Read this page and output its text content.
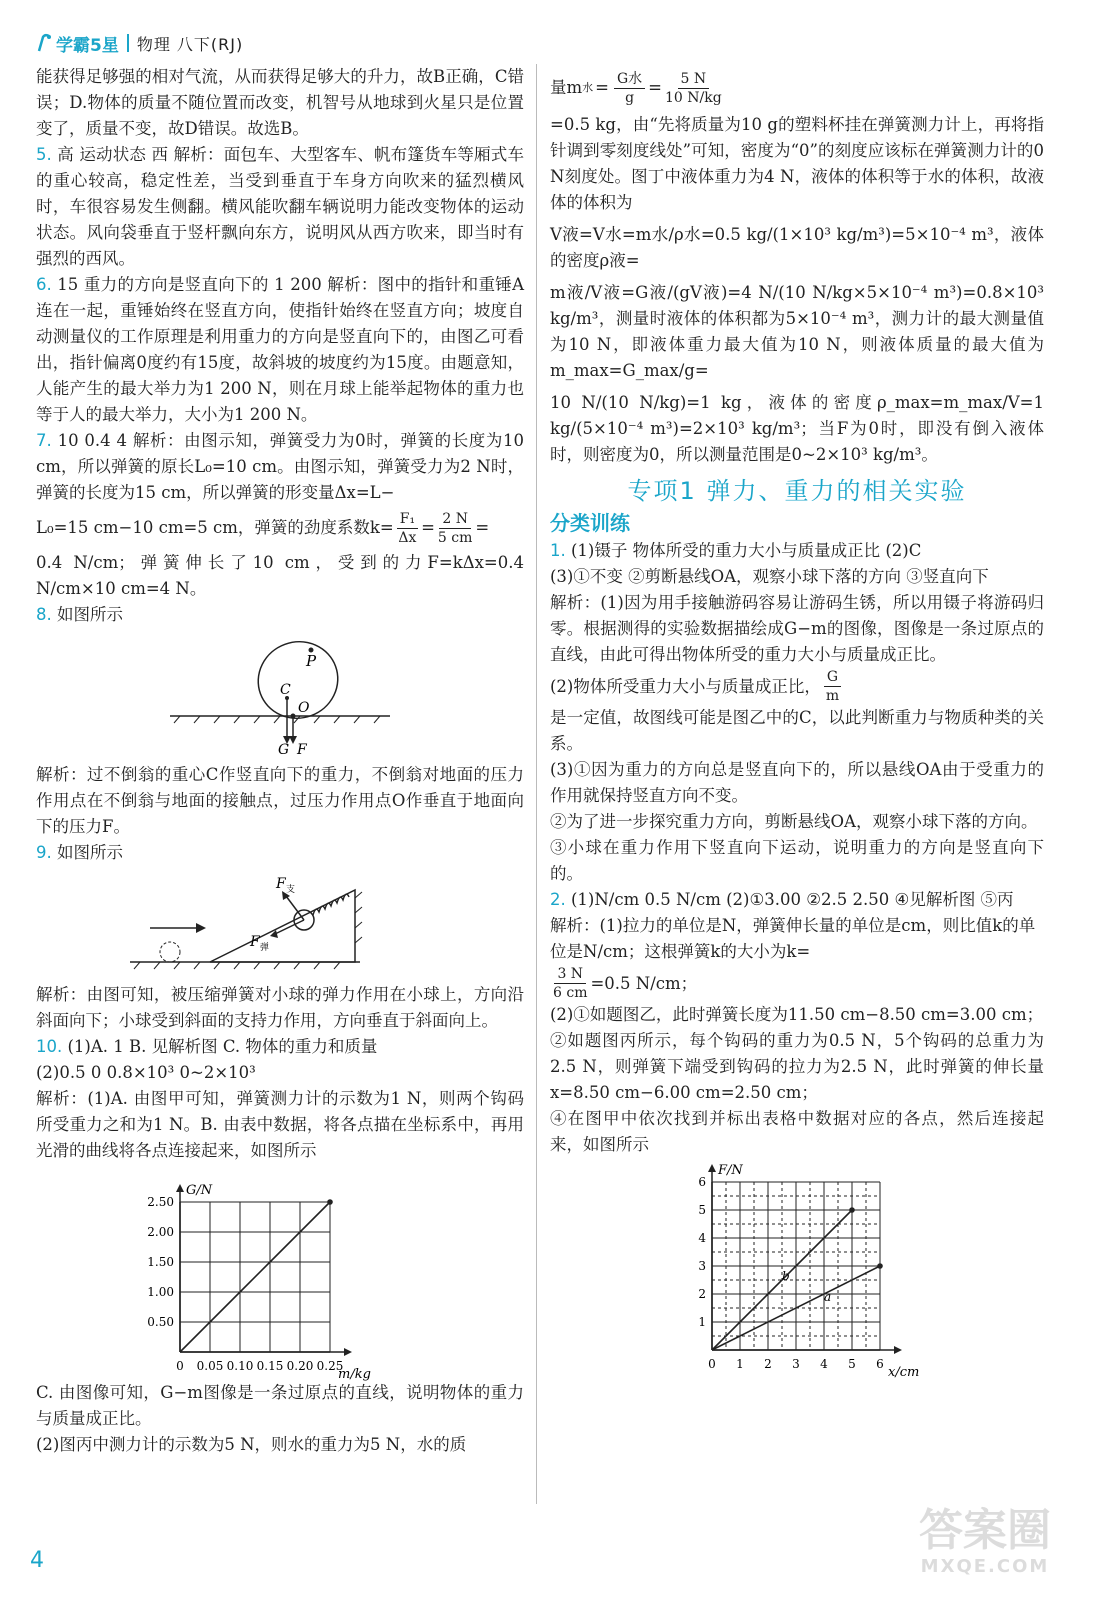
学霸5星 物理 八下(RJ)

能获得足够强的相对气流，从而获得足够大的升力，故B正确，C错误；D.物体的质量不随位置而改变，机智号从地球到火星只是位置变了，质量不变，故D错误。故选B。

5. 高 运动状态 西 解析：面包车、大型客车、帆布篷货车等厢式车的重心较高，稳定性差，当受到垂直于车身方向吹来的猛烈横风时，车很容易发生侧翻。横风能吹翻车辆说明力能改变物体的运动状态。风向袋垂直于竖杆飘向东方，说明风从西方吹来，即当时有强烈的西风。

6. 15 重力的方向是竖直向下的 1 200 解析：图中的指针和重锤A连在一起，重锤始终在竖直方向，使指针始终在竖直方向；坡度自动测量仪的工作原理是利用重力的方向是竖直向下的，由图乙可看出，指针偏离0度约有15度，故斜坡的坡度约为15度。由题意知，人能产生的最大举力为1 200 N，则在月球上能举起物体的重力也等于人的最大举力，大小为1 200 N。

7. 10 0.4 4 解析：由图示知，弹簧受力为0时，弹簧的长度为10 cm，所以弹簧的原长L₀=10 cm。由图示知，弹簧受力为2 N时，弹簧的长度为15 cm，所以弹簧的形变量Δx=L−

L₀=15 cm−10 cm=5 cm，弹簧的劲度系数$k= \frac{\text{F₁}}{\Delta x} = \frac{2 N}{5 cm}$ =

0.4 N/cm；弹簧伸长了10 cm，受到的力F=kΔx=0.4 N/cm×10 cm=4 N。

8. 如图所示

P
C
O
G F

解析：过不倒翁的重心C作竖直向下的重力，不倒翁对地面的压力作用点在不倒翁与地面的接触点，过压力作用点O作垂直于地面向下的压力F。

9. 如图所示

F 支
F 弹

解析：由图可知，被压缩弹簧对小球的弹力作用在小球上，方向沿斜面向下；小球受到斜面的支持力作用，方向垂直于斜面向上。

10. (1)A. 1 B. 见解析图 C. 物体的重力和质量

(2)0.5 0 0.8×10³ 0~2×10³

解析：(1)A. 由图甲可知，弹簧测力计的示数为1 N，则两个钩码所受重力之和为1 N。B. 由表中数据，将各点描在坐标系中，再用光滑的曲线将各点连接起来，如图所示

G/N
m/kg
0 0.05 0.10 0.15 0.20 0.25
0.50
1.00
1.50
2.00
2.50

C. 由图像可知，G−m图像是一条过原点的直线，说明物体的重力与质量成正比。

(2)图丙中测力计的示数为5 N，则水的重力为5 N，水的质

量m 水 = G水
g
= $\frac{5 N}{10 N/kg}$

=0.5 kg，由“先将质量为10 g的塑料杯挂在弹簧测力计上，再将指针调到零刻度线处”可知，密度为“0”的刻度应该标在弹簧测力计的0 N刻度处。图丁中液体重力为4 N，液体的体积等于水的体积，故液体的体积为

V液=V水=m水/ρ水=0.5 kg/(1×10³ kg/m³)=5×10⁻⁴ m³，液体的密度ρ液=

m液/V液=G液/(gV液)=4 N/(10 N/kg×5×10⁻⁴ m³)=0.8×10³ kg/m³，测量时液体的体积都为5×10⁻⁴ m³，测力计的最大测量值为10 N，即液体重力最大值为10 N，则液体质量的最大值为m_max=G_max/g=

10 N/(10 N/kg)=1 kg，液体的密度ρ_max=m_max/V=1 kg/(5×10⁻⁴ m³)=2×10³ kg/m³；当F为0时，即没有倒入液体时，则密度为0，所以测量范围是0~2×10³ kg/m³。

专项1 弹力、重力的相关实验
分类训练

1. (1)镊子 物体所受的重力大小与质量成正比 (2)C

(3)①不变 ②剪断悬线OA，观察小球下落的方向 ③竖直向下

解析：(1)因为用手接触游码容易让游码生锈，所以用镊子将游码归零。根据测得的实验数据描绘成G−m的图像，图像是一条过原点的直线，由此可得出物体所受的重力大小与质量成正比。

(2)物体所受重力大小与质量成正比， $\frac{G}{m}$

是一定值，故图线可能是图乙中的C，以此判断重力与物质种类的关系。

(3)①因为重力的方向总是竖直向下的，所以悬线OA由于受重力的作用就保持竖直方向不变。

②为了进一步探究重力方向，剪断悬线OA，观察小球下落的方向。

③小球在重力作用下竖直向下运动，说明重力的方向是竖直向下的。

2. (1)N/cm 0.5 N/cm (2)①3.00 ②2.5 2.50 ④见解析图 ⑤丙

解析：(1)拉力的单位是N，弹簧伸长量的单位是cm，则比值k的单位是N/cm；这根弹簧k的大小为k=
$\frac{3 N}{6 cm} =0.5$ N/cm；

(2)①如题图乙，此时弹簧长度为11.50 cm−8.50 cm=3.00 cm；

②如题图丙所示，每个钩码的重力为0.5 N，5个钩码的总重力为2.5 N，则弹簧下端受到钩码的拉力为2.5 N，此时弹簧的伸长量x=8.50 cm−6.00 cm=2.50 cm；

④在图甲中依次找到并标出表格中数据对应的各点，然后连接起来，如图所示

F/N
x/cm
0 1 2 3 4 5 6
1
2
3
4
5
6
b
a
4
答案圈
MXQE.COM
